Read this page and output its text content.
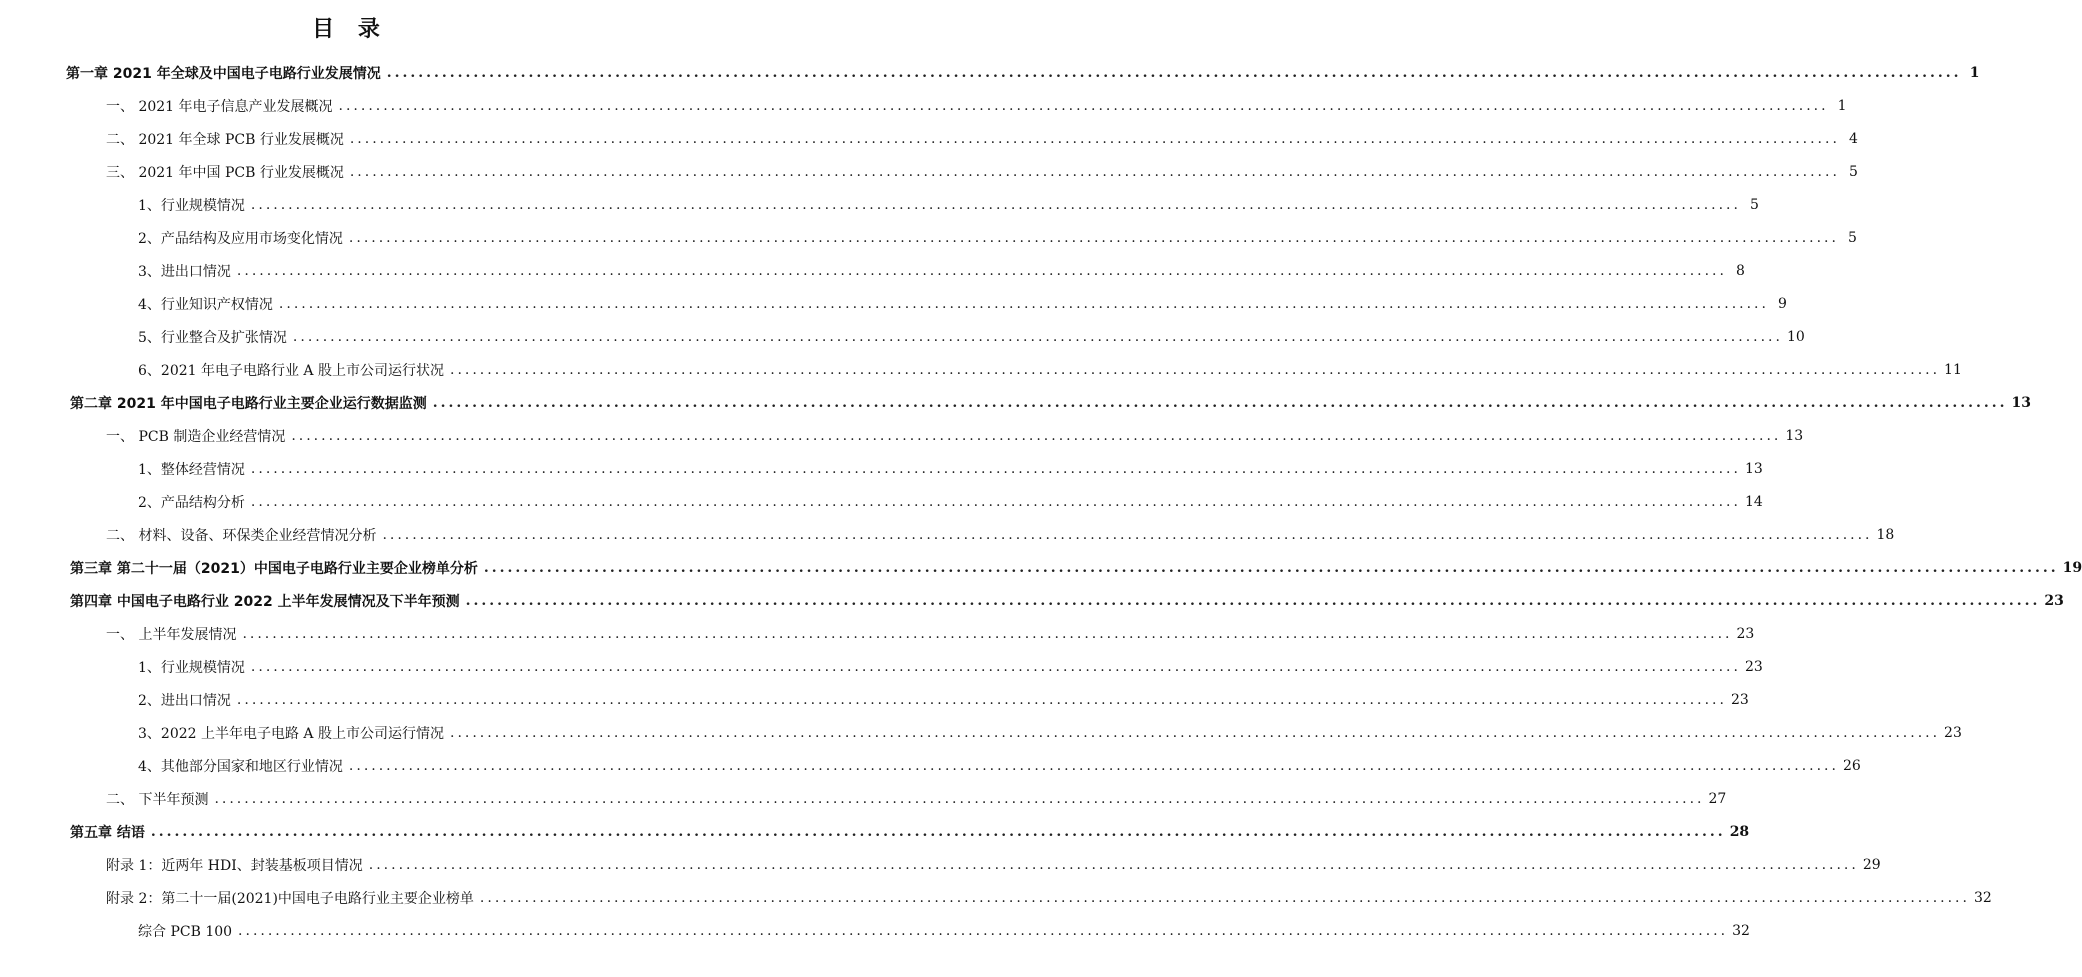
目 录
第一章 2021 年全球及中国电子电路行业发展情况 ........................................................................................................................................................................................................ 1
一、 2021 年电子信息产业发展概况 ........................................................................................................................................................................................................ 1
二、 2021 年全球 PCB 行业发展概况 ........................................................................................................................................................................................................ 4
三、 2021 年中国 PCB 行业发展概况 ........................................................................................................................................................................................................ 5
1、行业规模情况 ........................................................................................................................................................................................................ 5
2、产品结构及应用市场变化情况 ........................................................................................................................................................................................................ 5
3、进出口情况 ........................................................................................................................................................................................................ 8
4、行业知识产权情况 ........................................................................................................................................................................................................ 9
5、行业整合及扩张情况 ........................................................................................................................................................................................................ 10
6、2021 年电子电路行业 A 股上市公司运行状况 ........................................................................................................................................................................................................ 11
第二章 2021 年中国电子电路行业主要企业运行数据监测 ........................................................................................................................................................................................................ 13
一、 PCB 制造企业经营情况 ........................................................................................................................................................................................................ 13
1、整体经营情况 ........................................................................................................................................................................................................ 13
2、产品结构分析 ........................................................................................................................................................................................................ 14
二、 材料、设备、环保类企业经营情况分析 ........................................................................................................................................................................................................ 18
第三章 第二十一届（2021）中国电子电路行业主要企业榜单分析 ........................................................................................................................................................................................................ 19
第四章 中国电子电路行业 2022 上半年发展情况及下半年预测 ........................................................................................................................................................................................................ 23
一、 上半年发展情况 ........................................................................................................................................................................................................ 23
1、行业规模情况 ........................................................................................................................................................................................................ 23
2、进出口情况 ........................................................................................................................................................................................................ 23
3、2022 上半年电子电路 A 股上市公司运行情况 ........................................................................................................................................................................................................ 23
4、其他部分国家和地区行业情况 ........................................................................................................................................................................................................ 26
二、 下半年预测 ........................................................................................................................................................................................................ 27
第五章 结语 ........................................................................................................................................................................................................ 28
附录 1：近两年 HDI、封装基板项目情况 ........................................................................................................................................................................................................ 29
附录 2：第二十一届(2021)中国电子电路行业主要企业榜单 ........................................................................................................................................................................................................ 32
综合 PCB 100 ........................................................................................................................................................................................................ 32
